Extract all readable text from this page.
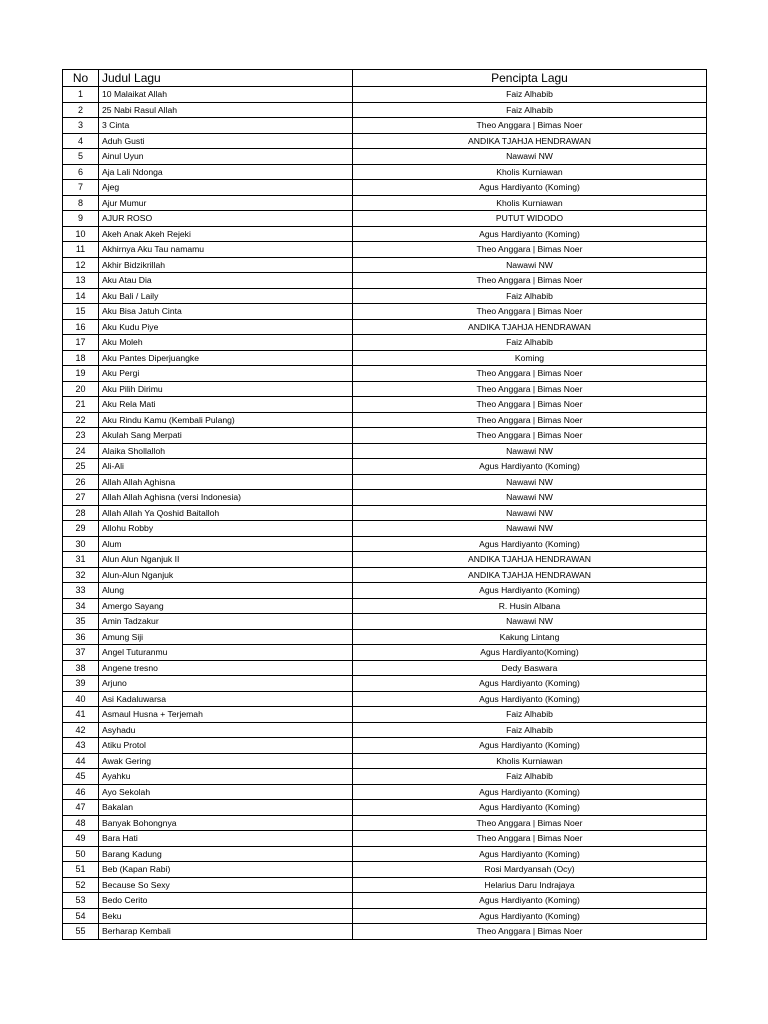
No	Judul Lagu	Pencipta Lagu
1	10 Malaikat Allah	Faiz Alhabib
2	25 Nabi Rasul Allah	Faiz Alhabib
3	3 Cinta	Theo Anggara | Bimas Noer
4	Aduh Gusti	ANDIKA TJAHJA HENDRAWAN
5	Ainul Uyun	Nawawi NW
6	Aja Lali Ndonga	Kholis Kurniawan
7	Ajeg	Agus Hardiyanto (Koming)
8	Ajur Mumur	Kholis Kurniawan
9	AJUR ROSO	PUTUT WIDODO
10	Akeh Anak Akeh Rejeki	Agus Hardiyanto (Koming)
11	Akhirnya Aku Tau namamu	Theo Anggara | Bimas Noer
12	Akhir Bidzikrillah	Nawawi NW
13	Aku Atau Dia	Theo Anggara | Bimas Noer
14	Aku Bali / Laily	Faiz Alhabib
15	Aku Bisa Jatuh Cinta	Theo Anggara | Bimas Noer
16	Aku Kudu Piye	ANDIKA TJAHJA HENDRAWAN
17	Aku Moleh	Faiz Alhabib
18	Aku Pantes Diperjuangke	Koming
19	Aku Pergi	Theo Anggara | Bimas Noer
20	Aku Pilih Dirimu	Theo Anggara | Bimas Noer
21	Aku Rela Mati	Theo Anggara | Bimas Noer
22	Aku Rindu Kamu (Kembali Pulang)	Theo Anggara | Bimas Noer
23	Akulah Sang Merpati	Theo Anggara | Bimas Noer
24	Alaika Shollalloh	Nawawi NW
25	Ali-Ali	Agus Hardiyanto (Koming)
26	Allah Allah Aghisna	Nawawi NW
27	Allah Allah Aghisna (versi Indonesia)	Nawawi NW
28	Allah Allah Ya Qoshid Baitalloh	Nawawi NW
29	Allohu Robby	Nawawi NW
30	Alum	Agus Hardiyanto (Koming)
31	Alun Alun Nganjuk II	ANDIKA TJAHJA HENDRAWAN
32	Alun-Alun Nganjuk	ANDIKA TJAHJA HENDRAWAN
33	Alung	Agus Hardiyanto (Koming)
34	Amergo Sayang	R. Husin Albana
35	Amin Tadzakur	Nawawi NW
36	Amung Siji	Kakung Lintang
37	Angel Tuturanmu	Agus Hardiyanto(Koming)
38	Angene tresno	Dedy Baswara
39	Arjuno	Agus Hardiyanto (Koming)
40	Asi Kadaluwarsa	Agus Hardiyanto (Koming)
41	Asmaul Husna + Terjemah	Faiz Alhabib
42	Asyhadu	Faiz Alhabib
43	Atiku Protol	Agus Hardiyanto (Koming)
44	Awak Gering	Kholis Kurniawan
45	Ayahku	Faiz Alhabib
46	Ayo Sekolah	Agus Hardiyanto (Koming)
47	Bakalan	Agus Hardiyanto (Koming)
48	Banyak Bohongnya	Theo Anggara | Bimas Noer
49	Bara Hati	Theo Anggara | Bimas Noer
50	Barang Kadung	Agus Hardiyanto (Koming)
51	Beb (Kapan Rabi)	Rosi Mardyansah (Ocy)
52	Because So Sexy	Helarius Daru Indrajaya
53	Bedo Cerito	Agus Hardiyanto (Koming)
54	Beku	Agus Hardiyanto (Koming)
55	Berharap Kembali	Theo Anggara | Bimas Noer
